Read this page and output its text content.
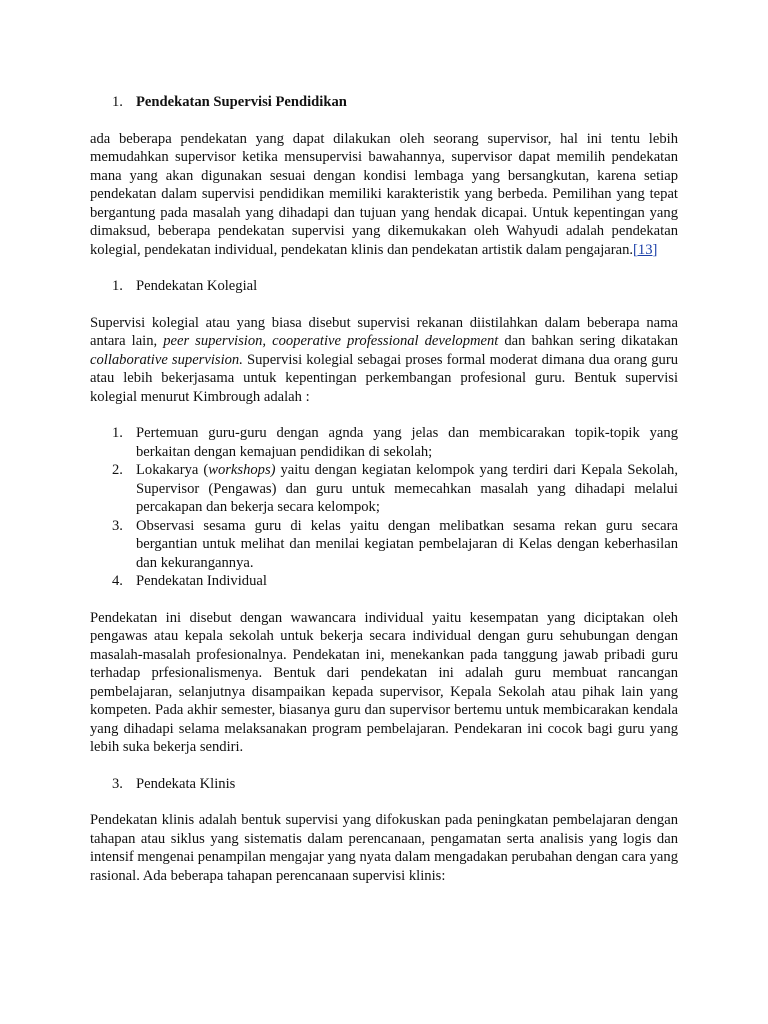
1. Pendekatan Supervisi Pendidikan

ada beberapa pendekatan yang dapat dilakukan oleh seorang supervisor, hal ini tentu lebih memudahkan supervisor ketika mensupervisi bawahannya, supervisor dapat memilih pendekatan mana yang akan digunakan sesuai dengan kondisi lembaga yang bersangkutan, karena setiap pendekatan dalam supervisi pendidikan memiliki karakteristik yang berbeda. Pemilihan yang tepat bergantung pada masalah yang dihadapi dan tujuan yang hendak dicapai. Untuk kepentingan yang dimaksud, beberapa pendekatan supervisi yang dikemukakan oleh Wahyudi adalah pendekatan kolegial, pendekatan individual, pendekatan klinis dan pendekatan artistik dalam pengajaran.[13]

1. Pendekatan Kolegial

Supervisi kolegial atau yang biasa disebut supervisi rekanan diistilahkan dalam beberapa nama antara lain, peer supervision, cooperative professional development dan bahkan sering dikatakan collaborative supervision. Supervisi kolegial sebagai proses formal moderat dimana dua orang guru atau lebih bekerjasama untuk kepentingan perkembangan profesional guru. Bentuk supervisi kolegial menurut Kimbrough adalah :

1. Pertemuan guru-guru dengan agnda yang jelas dan membicarakan topik-topik yang berkaitan dengan kemajuan pendidikan di sekolah;
2. Lokakarya (workshops) yaitu dengan kegiatan kelompok yang terdiri dari Kepala Sekolah, Supervisor (Pengawas) dan guru untuk memecahkan masalah yang dihadapi melalui percakapan dan bekerja secara kelompok;
3. Observasi sesama guru di kelas yaitu dengan melibatkan sesama rekan guru secara bergantian untuk melihat dan menilai kegiatan pembelajaran di Kelas dengan keberhasilan dan kekurangannya.
4. Pendekatan Individual

Pendekatan ini disebut dengan wawancara individual yaitu kesempatan yang diciptakan oleh pengawas atau kepala sekolah untuk bekerja secara individual dengan guru sehubungan dengan masalah-masalah profesionalnya. Pendekatan ini, menekankan pada tanggung jawab pribadi guru terhadap prfesionalismenya. Bentuk dari pendekatan ini adalah guru membuat rancangan pembelajaran, selanjutnya disampaikan kepada supervisor, Kepala Sekolah atau pihak lain yang kompeten. Pada akhir semester, biasanya guru dan supervisor bertemu untuk membicarakan kendala yang dihadapi selama melaksanakan program pembelajaran. Pendekaran ini cocok bagi guru yang lebih suka bekerja sendiri.

3. Pendekata Klinis

Pendekatan klinis adalah bentuk supervisi yang difokuskan pada peningkatan pembelajaran dengan tahapan atau siklus yang sistematis dalam perencanaan, pengamatan serta analisis yang logis dan intensif mengenai penampilan mengajar yang nyata dalam mengadakan perubahan dengan cara yang rasional. Ada beberapa tahapan perencanaan supervisi klinis:
